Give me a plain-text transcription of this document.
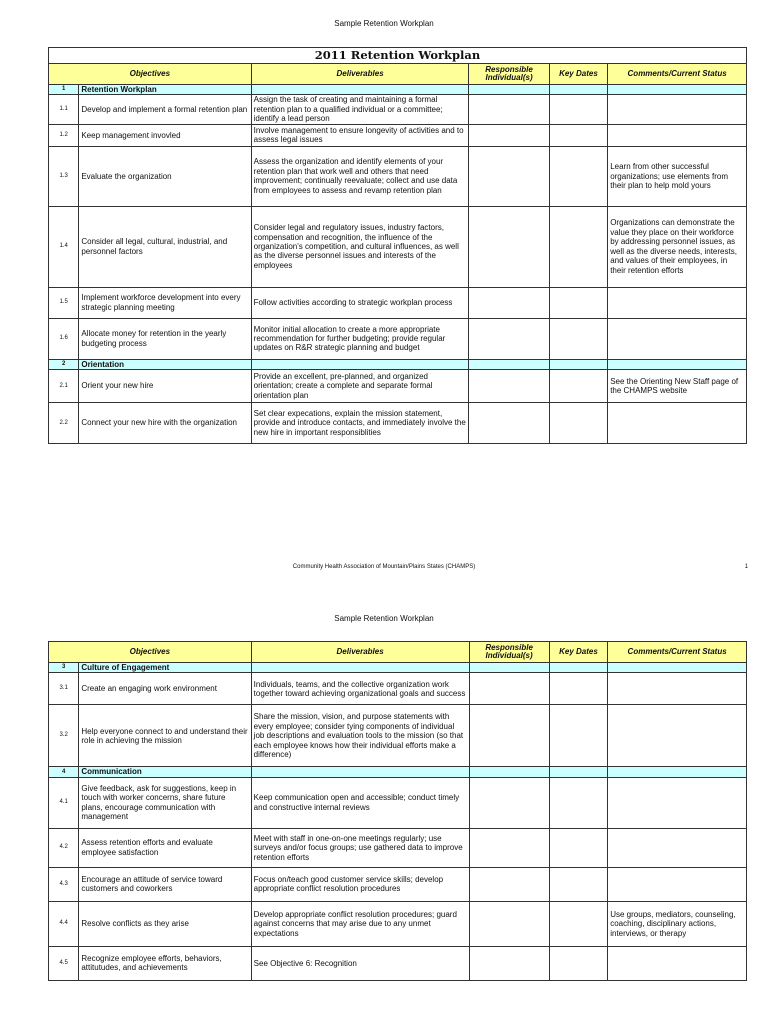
Sample Retention Workplan
2011 Retention Workplan					
Objectives		Deliverables	Responsible Individual(s)	Key Dates	Comments/Current Status
1	Retention Workplan				
1.1	Develop and implement a formal retention plan	Assign the task of creating and maintaining a formal retention plan to a qualified individual or a committee; identify a lead person			
1.2	Keep management invovled	Involve management to ensure longevity of activities and to assess legal issues			
1.3	Evaluate the organization	Assess the organization and identify elements of your retention plan that work well and others that need improvement; continually reevaluate; collect and use data from employees to assess and revamp retention plan			Learn from other successful organizations; use elements from their plan to help mold yours
1.4	Consider all legal, cultural, industrial, and personnel factors	Consider legal and regulatory issues, industry factors, compensation and recognition, the influence of the organization's competition, and cultural influences, as well as the diverse personnel issues and interests of the employees			Organizations can demonstrate the value they place on their workforce by addressing personnel issues, as well as the diverse needs, interests, and values of their employees, in their retention efforts
1.5	Implement workforce development into every strategic planning meeting	Follow activities according to strategic workplan process			
1.6	Allocate money for retention in the yearly budgeting process	Monitor initial allocation to create a more appropriate recommendation for further budgeting; provide regular updates on R&R strategic planning and budget			
2	Orientation				
2.1	Orient your new hire	Provide an excellent, pre-planned, and organized orientation; create a complete and separate formal orientation plan			See the Orienting New Staff page of the CHAMPS website
2.2	Connect your new hire with the organization	Set clear expecations, explain the mission statement, provide and introduce contacts, and immediately involve the new hire in important responsiblities			
Community Health Association of Mountain/Plains States (CHAMPS)	1
Sample Retention Workplan
Objectives		Deliverables	Responsible Individual(s)	Key Dates	Comments/Current Status
3	Culture of Engagement				
3.1	Create an engaging work environment	Individuals, teams, and the collective organization work together toward achieving organizational goals and success			
3.2	Help everyone connect to and understand their role in achieving the mission	Share the mission, vision, and purpose statements with every employee; consider tying components of individual job descriptions and evaluation tools to the mission (so that each employee knows how their individual efforts make a difference)			
4	Communication				
4.1	Give feedback, ask for suggestions, keep in touch with worker concerns, share future plans, encourage communication with management	Keep communication open and accessible; conduct timely and constructive internal reviews			
4.2	Assess retention efforts and evaluate employee satisfaction	Meet with staff in one-on-one meetings regularly; use surveys and/or focus groups; use gathered data to improve retention efforts			
4.3	Encourage an attitude of service toward customers and coworkers	Focus on/teach good customer service skills; develop appropriate conflict resolution procedures			
4.4	Resolve conflicts as they arise	Develop appropriate conflict resolution procedures; guard against concerns that may arise due to any unmet expectations			Use groups, mediators, counseling, coaching, disciplinary actions, interviews, or therapy
4.5	Recognize employee efforts, behaviors, attitutudes, and achievements	See Objective 6: Recognition			
